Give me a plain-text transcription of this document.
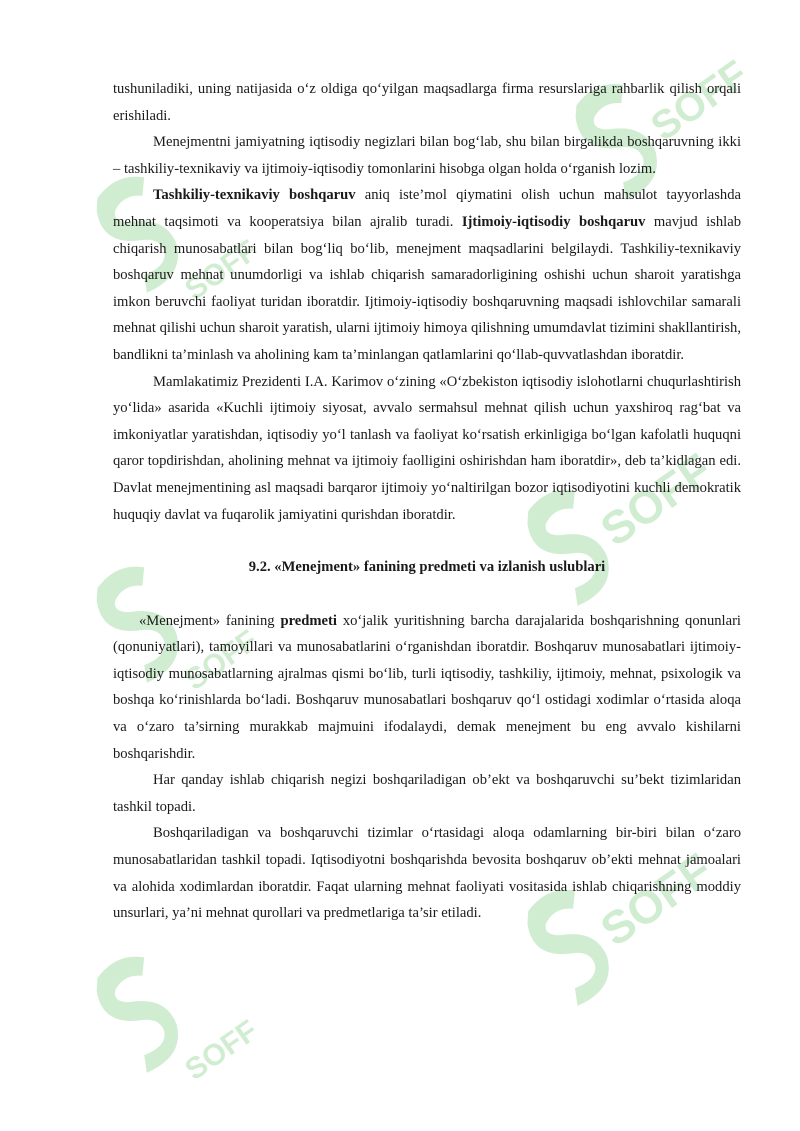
SOFF
SOFF
SOFF
SOFF
SOFF
SOFF

tushuniladiki, uning natijasida o‘z oldiga qo‘yilgan maqsadlarga firma resurslariga rahbarlik qilish orqali erishiladi.

Menejmentni jamiyatning iqtisodiy negizlari bilan bog‘lab, shu bilan birgalikda boshqaruvning ikki – tashkiliy-texnikaviy va ijtimoiy-iqtisodiy tomonlarini hisobga olgan holda o‘rganish lozim.

Tashkiliy-texnikaviy boshqaruv aniq iste’mol qiymatini olish uchun mahsulot tayyorlashda mehnat taqsimoti va kooperatsiya bilan ajralib turadi. Ijtimoiy-iqtisodiy boshqaruv mavjud ishlab chiqarish munosabatlari bilan bog‘liq bo‘lib, menejment maqsadlarini belgilaydi. Tashkiliy-texnikaviy boshqaruv mehnat unumdorligi va ishlab chiqarish samaradorligining oshishi uchun sharoit yaratishga imkon beruvchi faoliyat turidan iboratdir. Ijtimoiy-iqtisodiy boshqaruvning maqsadi ishlovchilar samarali mehnat qilishi uchun sharoit yaratish, ularni ijtimoiy himoya qilishning umumdavlat tizimini shakllantirish, bandlikni ta’minlash va aholining kam ta’minlangan qatlamlarini qo‘llab-quvvatlashdan iboratdir.

Mamlakatimiz Prezidenti I.A. Karimov o‘zining «O‘zbekiston iqtisodiy islohotlarni chuqurlashtirish yo‘lida» asarida «Kuchli ijtimoiy siyosat, avvalo sermahsul mehnat qilish uchun yaxshiroq rag‘bat va imkoniyatlar yaratishdan, iqtisodiy yo‘l tanlash va faoliyat ko‘rsatish erkinligiga bo‘lgan kafolatli huquqni qaror topdirishdan, aholining mehnat va ijtimoiy faolligini oshirishdan ham iboratdir», deb ta’kidlagan edi. Davlat menejmentining asl maqsadi barqaror ijtimoiy yo‘naltirilgan bozor iqtisodiyotini kuchli demokratik huquqiy davlat va fuqarolik jamiyatini qurishdan iboratdir.

9.2. «Menejment» fanining predmeti va izlanish uslublari

«Menejment» fanining predmeti xo‘jalik yuritishning barcha darajalarida boshqarishning qonunlari (qonuniyatlari), tamoyillari va munosabatlarini o‘rganishdan iboratdir. Boshqaruv munosabatlari ijtimoiy-iqtisodiy munosabatlarning ajralmas qismi bo‘lib, turli iqtisodiy, tashkiliy, ijtimoiy, mehnat, psixologik va boshqa ko‘rinishlarda bo‘ladi. Boshqaruv munosabatlari boshqaruv qo‘l ostidagi xodimlar o‘rtasida aloqa va o‘zaro ta’sirning murakkab majmuini ifodalaydi, demak menejment bu eng avvalo kishilarni boshqarishdir.

Har qanday ishlab chiqarish negizi boshqariladigan ob’ekt va boshqaruvchi su’bekt tizimlaridan tashkil topadi.

Boshqariladigan va boshqaruvchi tizimlar o‘rtasidagi aloqa odamlarning bir-biri bilan o‘zaro munosabatlaridan tashkil topadi. Iqtisodiyotni boshqarishda bevosita boshqaruv ob’ekti mehnat jamoalari va alohida xodimlardan iboratdir. Faqat ularning mehnat faoliyati vositasida ishlab chiqarishning moddiy unsurlari, ya’ni mehnat qurollari va predmetlariga ta’sir etiladi.
